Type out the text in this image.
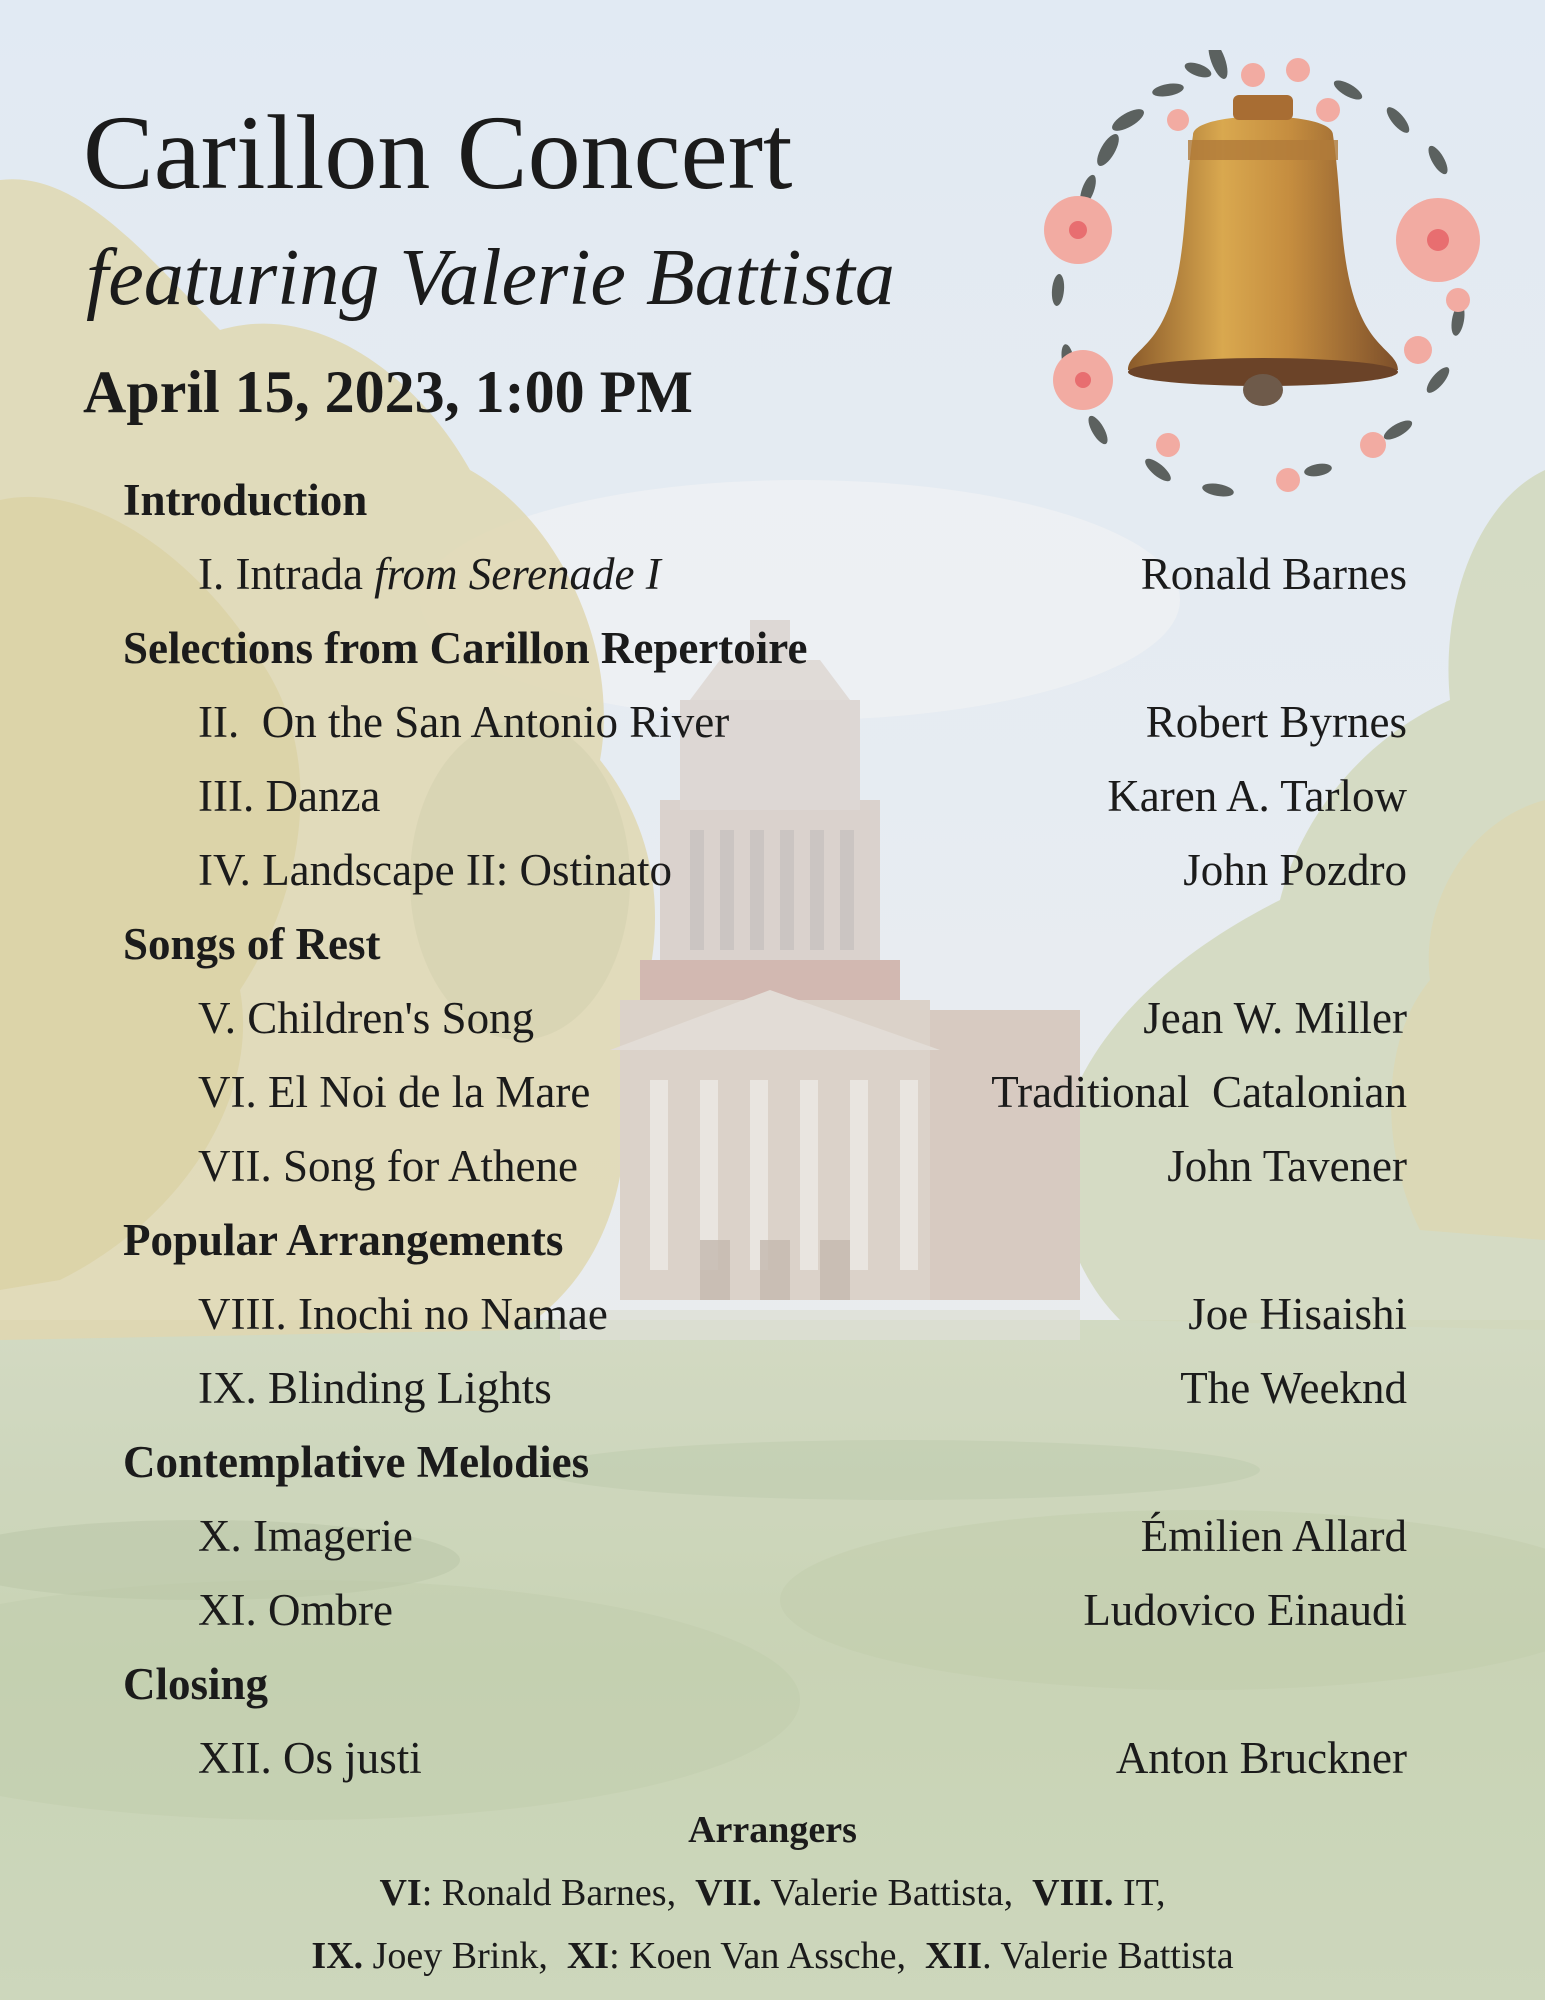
Carillon Concert
featuring Valerie Battista
April 15, 2023, 1:00 PM
Introduction
I. Intrada from Serenade I	Ronald Barnes
Selections from Carillon Repertoire
II.  On the San Antonio River	Robert Byrnes
III. Danza	Karen A. Tarlow
IV. Landscape II: Ostinato	John Pozdro
Songs of Rest
V. Children's Song	Jean W. Miller
VI. El Noi de la Mare	Traditional  Catalonian
VII. Song for Athene	John Tavener
Popular Arrangements
VIII. Inochi no Namae	Joe Hisaishi
IX. Blinding Lights	The Weeknd
Contemplative Melodies
X. Imagerie	Émilien Allard
XI. Ombre	Ludovico Einaudi
Closing
XII. Os justi	Anton Bruckner
Arrangers
VI: Ronald Barnes,  VII. Valerie Battista,  VIII. IT,
IX. Joey Brink,  XI: Koen Van Assche,  XII. Valerie Battista
